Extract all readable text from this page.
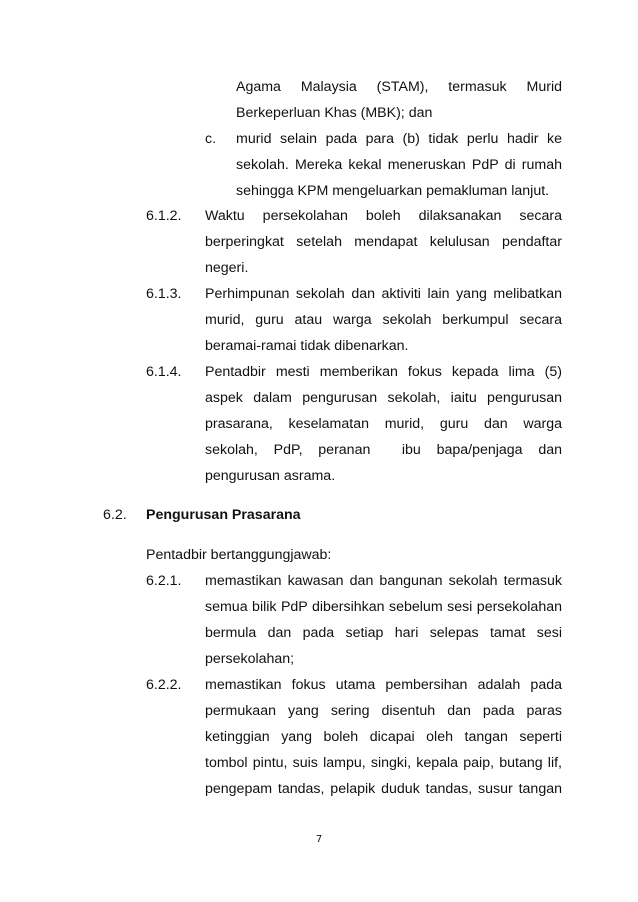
Agama Malaysia (STAM), termasuk Murid
Berkeperluan Khas (MBK); dan
c. murid selain pada para (b) tidak perlu hadir ke
sekolah. Mereka kekal meneruskan PdP di rumah
sehingga KPM mengeluarkan pemakluman lanjut.
6.1.2. Waktu persekolahan boleh dilaksanakan secara
berperingkat setelah mendapat kelulusan pendaftar
negeri.
6.1.3. Perhimpunan sekolah dan aktiviti lain yang melibatkan
murid, guru atau warga sekolah berkumpul secara
beramai-ramai tidak dibenarkan.
6.1.4. Pentadbir mesti memberikan fokus kepada lima (5)
aspek dalam pengurusan sekolah, iaitu pengurusan
prasarana, keselamatan murid, guru dan warga
sekolah, PdP, peranan  ibu bapa/penjaga dan
pengurusan asrama.
6.2. Pengurusan Prasarana
Pentadbir bertanggungjawab:
6.2.1. memastikan kawasan dan bangunan sekolah termasuk
semua bilik PdP dibersihkan sebelum sesi persekolahan
bermula dan pada setiap hari selepas tamat sesi
persekolahan;
6.2.2. memastikan fokus utama pembersihan adalah pada
permukaan yang sering disentuh dan pada paras
ketinggian yang boleh dicapai oleh tangan seperti
tombol pintu, suis lampu, singki, kepala paip, butang lif,
pengepam tandas, pelapik duduk tandas, susur tangan
7
